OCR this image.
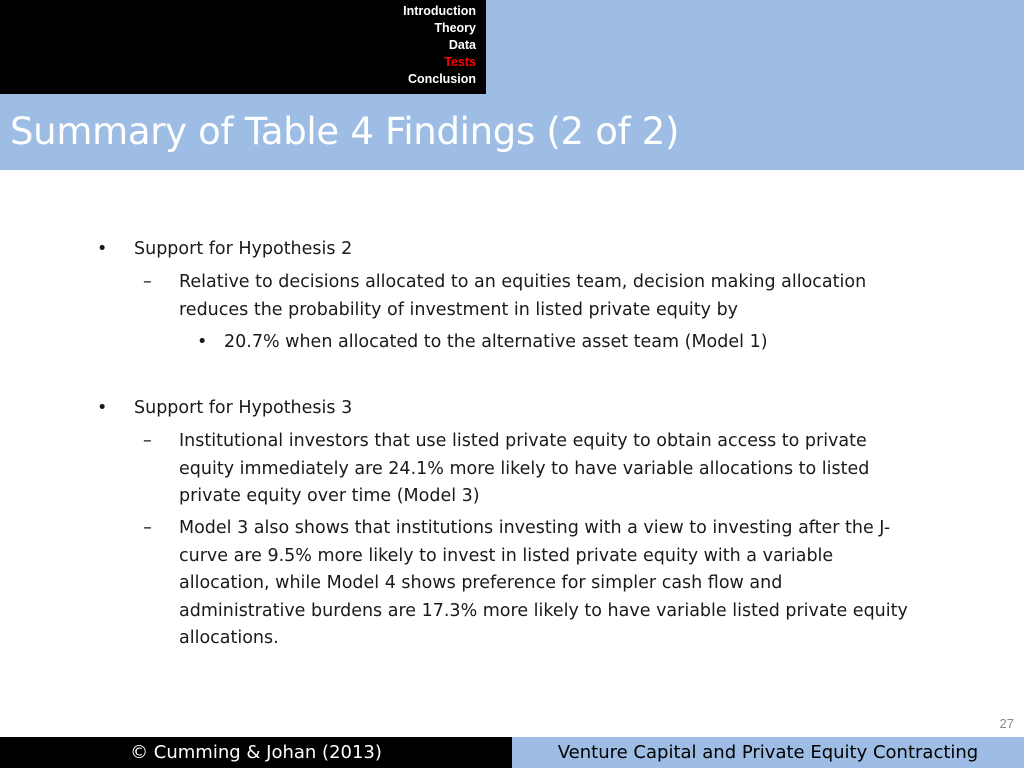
Introduction
Theory
Data
Tests
Conclusion
Summary of Table 4 Findings (2 of 2)
• Support for Hypothesis 2
– Relative to decisions allocated to an equities team, decision making allocation
reduces the probability of investment in listed private equity by
• 20.7% when allocated to the alternative asset team (Model 1)
• Support for Hypothesis 3
– Institutional investors that use listed private equity to obtain access to private
equity immediately are 24.1% more likely to have variable allocations to listed
private equity over time (Model 3)
– Model 3 also shows that institutions investing with a view to investing after the J-
curve are 9.5% more likely to invest in listed private equity with a variable
allocation, while Model 4 shows preference for simpler cash flow and
administrative burdens are 17.3% more likely to have variable listed private equity
allocations.
27
© Cumming & Johan (2013)	Venture Capital and Private Equity Contracting
